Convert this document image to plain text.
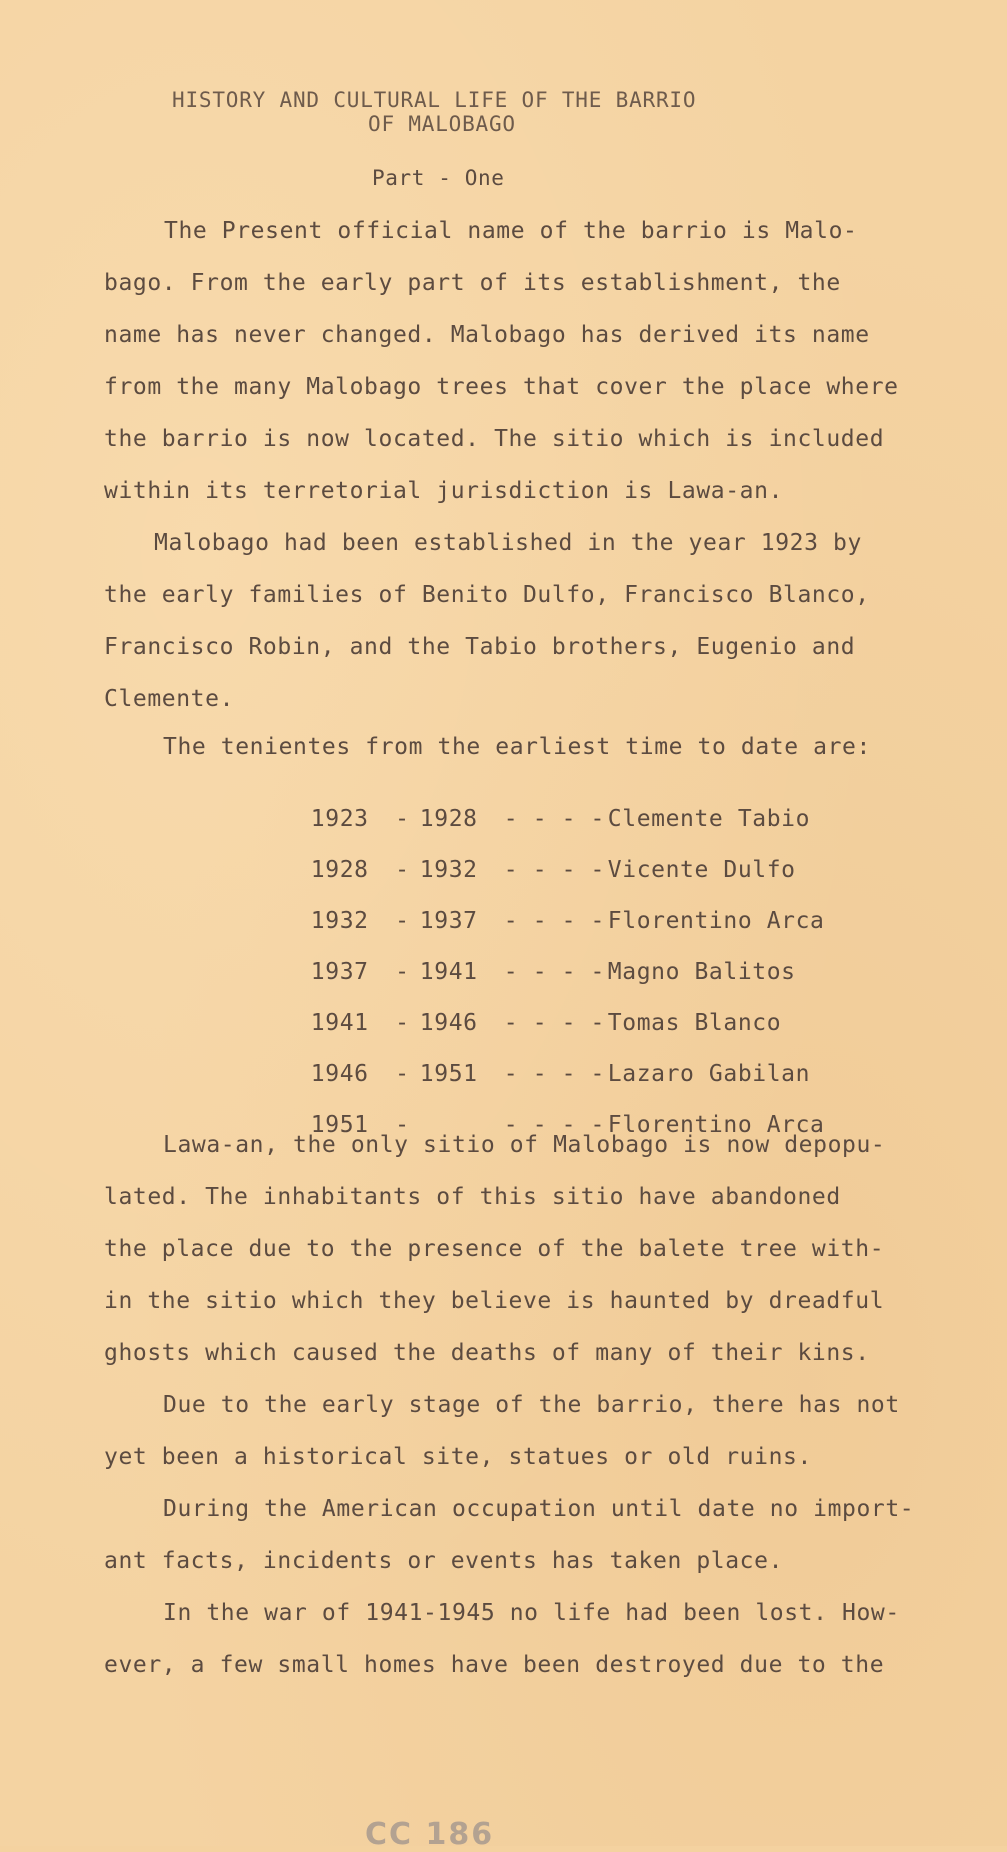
HISTORY AND CULTURAL LIFE OF THE BARRIO
OF MALOBAGO
Part - One
The Present official name of the barrio is Malo-
bago. From the early part of its establishment, the
name has never changed. Malobago has derived its name
from the many Malobago trees that cover the place where
the barrio is now located. The sitio which is included
within its terretorial jurisdiction is Lawa-an.
Malobago had been established in the year 1923 by
the early families of Benito Dulfo, Francisco Blanco,
Francisco Robin, and the Tabio brothers, Eugenio and
Clemente.
The tenientes from the earliest time to date are:

1923 - 1928 - - - - Clemente Tabio

1928 - 1932 - - - - Vicente Dulfo

1932 - 1937 - - - - Florentino Arca

1937 - 1941 - - - - Magno Balitos

1941 - 1946 - - - - Tomas Blanco

1946 - 1951 - - - - Lazaro Gabilan

1951 -	- - - - Florentino Arca

Lawa-an, the only sitio of Malobago is now depopu-
lated. The inhabitants of this sitio have abandoned
the place due to the presence of the balete tree with-
in the sitio which they believe is haunted by dreadful
ghosts which caused the deaths of many of their kins.
Due to the early stage of the barrio, there has not
yet been a historical site, statues or old ruins.
During the American occupation until date no import-
ant facts, incidents or events has taken place.
In the war of 1941-1945 no life had been lost. How-
ever, a few small homes have been destroyed due to the
CC 186
